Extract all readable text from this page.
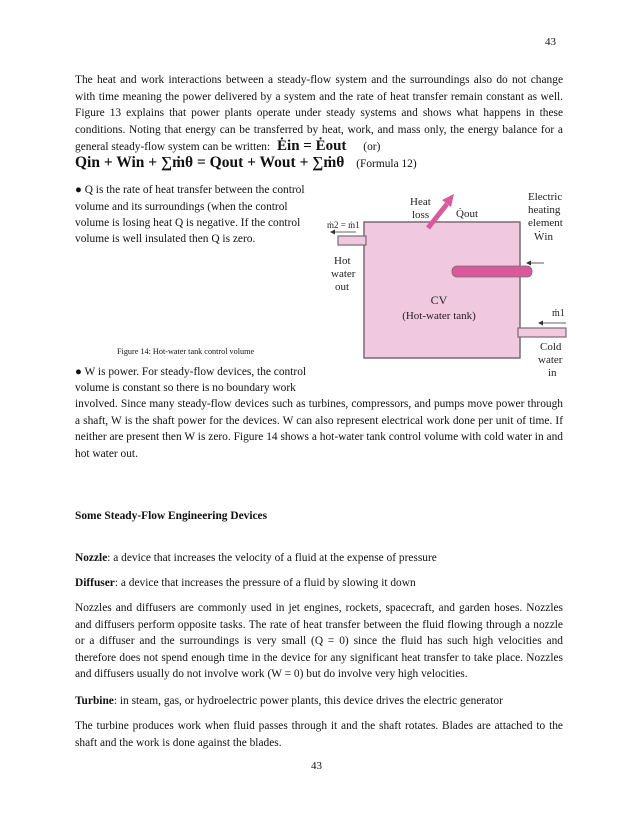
43
The heat and work interactions between a steady-flow system and the surroundings also do not change with time meaning the power delivered by a system and the rate of heat transfer remain constant as well. Figure 13 explains that power plants operate under steady systems and shows what happens in these conditions. Noting that energy can be transferred by heat, work, and mass only, the energy balance for a general steady-flow system can be written: Ėin = Ėout (or)
Qin + Win + ∑ṁθ = Qout + Wout + ∑ṁθ (Formula 12)
● Q is the rate of heat transfer between the control
volume and its surroundings (when the control
volume is losing heat Q is negative. If the control
volume is well insulated then Q is zero.
Heat
loss Q̇out
Electric
heating
element
Ẇin
ṁ2 = ṁ1
Hot
water
out
CV
(Hot-water tank)	ṁ1
Cold
water
in
Figure 14: Hot-water tank control volume
● W is power. For steady-flow devices, the control
volume is constant so there is no boundary work
involved. Since many steady-flow devices such as turbines, compressors, and pumps move power through a shaft, W is the shaft power for the devices. W can also represent electrical work done per unit of time. If neither are present then W is zero. Figure 14 shows a hot-water tank control volume with cold water in and hot water out.
Some Steady-Flow Engineering Devices
Nozzle: a device that increases the velocity of a fluid at the expense of pressure
Diffuser: a device that increases the pressure of a fluid by slowing it down
Nozzles and diffusers are commonly used in jet engines, rockets, spacecraft, and garden hoses. Nozzles and diffusers perform opposite tasks. The rate of heat transfer between the fluid flowing through a nozzle or a diffuser and the surroundings is very small (Q = 0) since the fluid has such high velocities and therefore does not spend enough time in the device for any significant heat transfer to take place. Nozzles and diffusers usually do not involve work (W = 0) but do involve very high velocities.
Turbine: in steam, gas, or hydroelectric power plants, this device drives the electric generator
The turbine produces work when fluid passes through it and the shaft rotates. Blades are attached to the shaft and the work is done against the blades.
43
